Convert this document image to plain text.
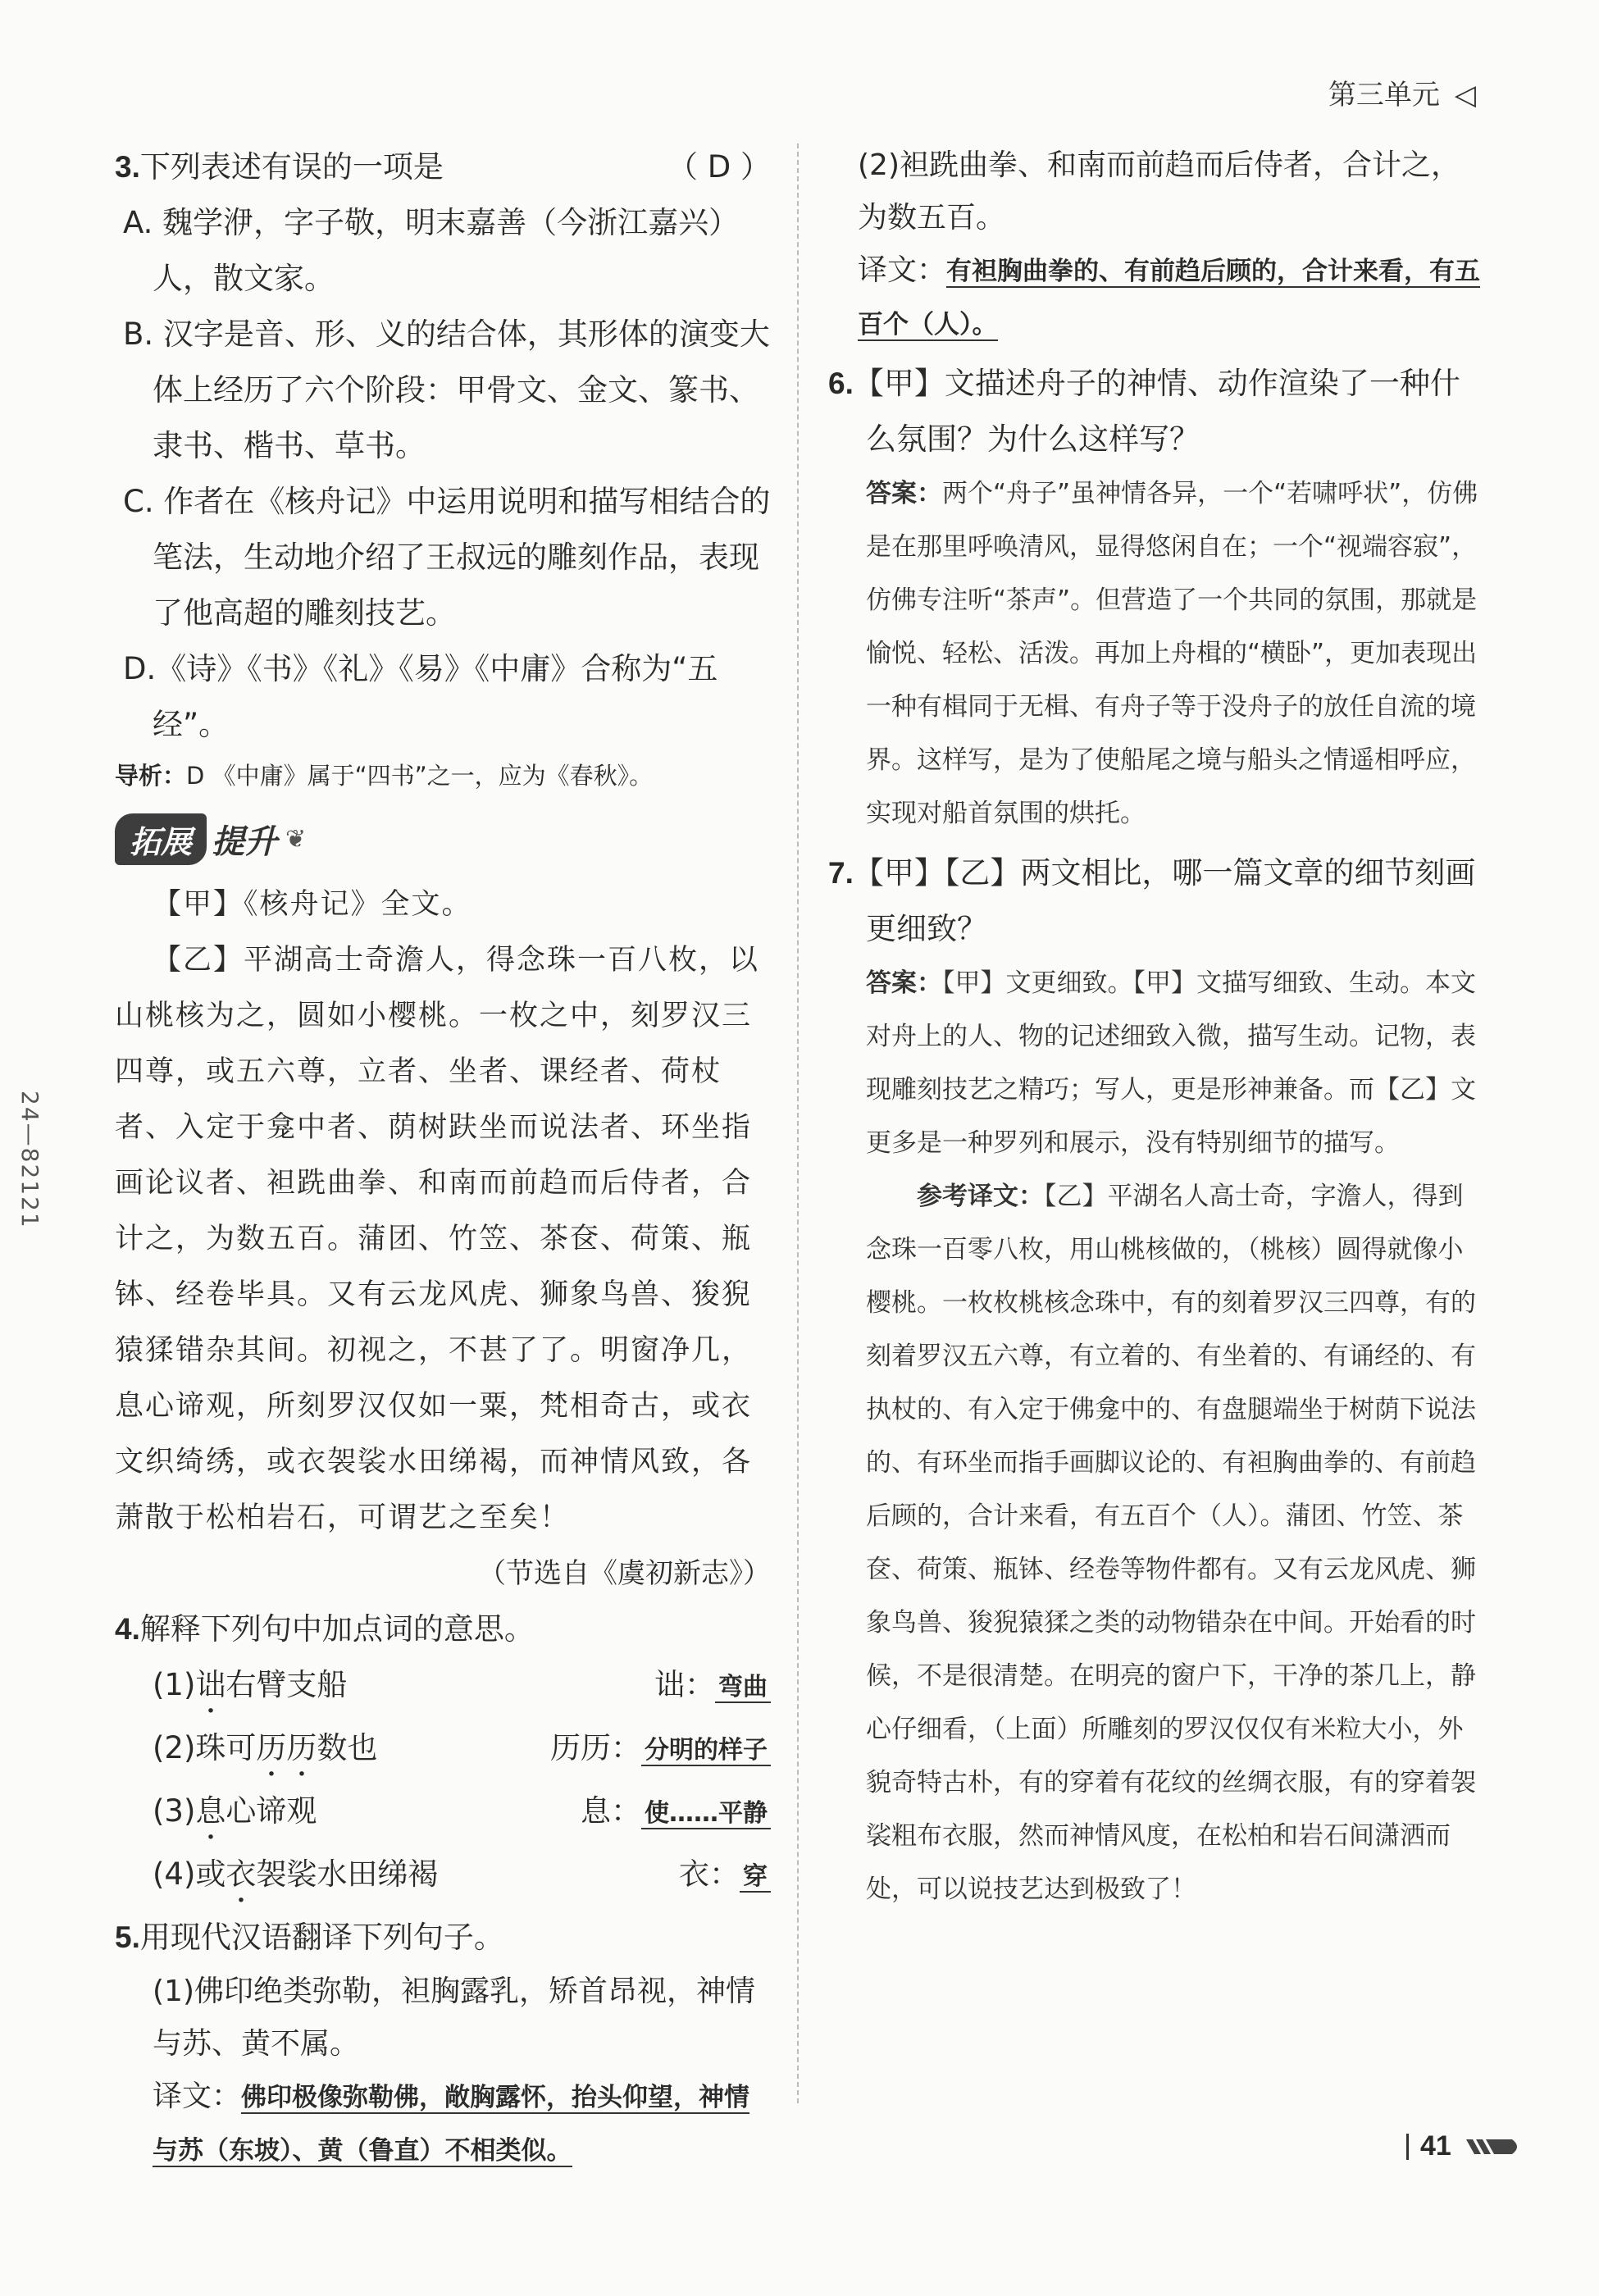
第三单元 ◁
24—82121

3.下列表述有误的一项是	（ D ）

A. 魏学洢，字子敬，明末嘉善（今浙江嘉兴）人，散文家。

B. 汉字是音、形、义的结合体，其形体的演变大体上经历了六个阶段：甲骨文、金文、篆书、隶书、楷书、草书。

C. 作者在《核舟记》中运用说明和描写相结合的笔法，生动地介绍了王叔远的雕刻作品，表现了他高超的雕刻技艺。

D.《诗》《书》《礼》《易》《中庸》合称为“五经”。

导析：D 《中庸》属于“四书”之一，应为《春秋》。

拓展 提升 ❦

【甲】《核舟记》全文。

【乙】平湖高士奇澹人，得念珠一百八枚，以山桃核为之，圆如小樱桃。一枚之中，刻罗汉三四尊，或五六尊，立者、坐者、课经者、荷杖者、入定于龛中者、荫树趺坐而说法者、环坐指画论议者、袒跣曲拳、和南而前趋而后侍者，合计之，为数五百。蒲团、竹笠、茶奁、荷策、瓶钵、经卷毕具。又有云龙风虎、狮象鸟兽、狻猊猿猱错杂其间。初视之，不甚了了。明窗净几，息心谛观，所刻罗汉仅如一粟，梵相奇古，或衣文织绮绣，或衣袈裟水田绨褐，而神情风致，各萧散于松柏岩石，可谓艺之至矣！

（节选自《虞初新志》）

4.解释下列句中加点词的意思。

(1)诎右臂支船	诎： 弯曲
(2)珠可历历数也	历历： 分明的样子
(3)息心谛观	息： 使……平静
(4)或衣袈裟水田绨褐	衣： 穿

5.用现代汉语翻译下列句子。

(1)佛印绝类弥勒，袒胸露乳，矫首昂视，神情与苏、黄不属。

译文：佛印极像弥勒佛，敞胸露怀，抬头仰望，神情与苏（东坡）、黄（鲁直）不相类似。

(2)袒跣曲拳、和南而前趋而后侍者，合计之，为数五百。

译文：有袒胸曲拳的、有前趋后顾的，合计来看，有五百个（人）。

6.【甲】文描述舟子的神情、动作渲染了一种什么氛围？为什么这样写？

答案：两个“舟子”虽神情各异，一个“若啸呼状”，仿佛是在那里呼唤清风，显得悠闲自在；一个“视端容寂”，仿佛专注听“茶声”。但营造了一个共同的氛围，那就是愉悦、轻松、活泼。再加上舟楫的“横卧”，更加表现出一种有楫同于无楫、有舟子等于没舟子的放任自流的境界。这样写，是为了使船尾之境与船头之情遥相呼应，实现对船首氛围的烘托。

7.【甲】【乙】两文相比，哪一篇文章的细节刻画更细致？

答案：【甲】文更细致。【甲】文描写细致、生动。本文对舟上的人、物的记述细致入微，描写生动。记物，表现雕刻技艺之精巧；写人，更是形神兼备。而【乙】文更多是一种罗列和展示，没有特别细节的描写。

参考译文：【乙】平湖名人高士奇，字澹人，得到念珠一百零八枚，用山桃核做的，（桃核）圆得就像小樱桃。一枚枚桃核念珠中，有的刻着罗汉三四尊，有的刻着罗汉五六尊，有立着的、有坐着的、有诵经的、有执杖的、有入定于佛龛中的、有盘腿端坐于树荫下说法的、有环坐而指手画脚议论的、有袒胸曲拳的、有前趋后顾的，合计来看，有五百个（人）。蒲团、竹笠、茶奁、荷策、瓶钵、经卷等物件都有。又有云龙风虎、狮象鸟兽、狻猊猿猱之类的动物错杂在中间。开始看的时候，不是很清楚。在明亮的窗户下，干净的茶几上，静心仔细看，（上面）所雕刻的罗汉仅仅有米粒大小，外貌奇特古朴，有的穿着有花纹的丝绸衣服，有的穿着袈裟粗布衣服，然而神情风度，在松柏和岩石间潇洒而处，可以说技艺达到极致了！

41
